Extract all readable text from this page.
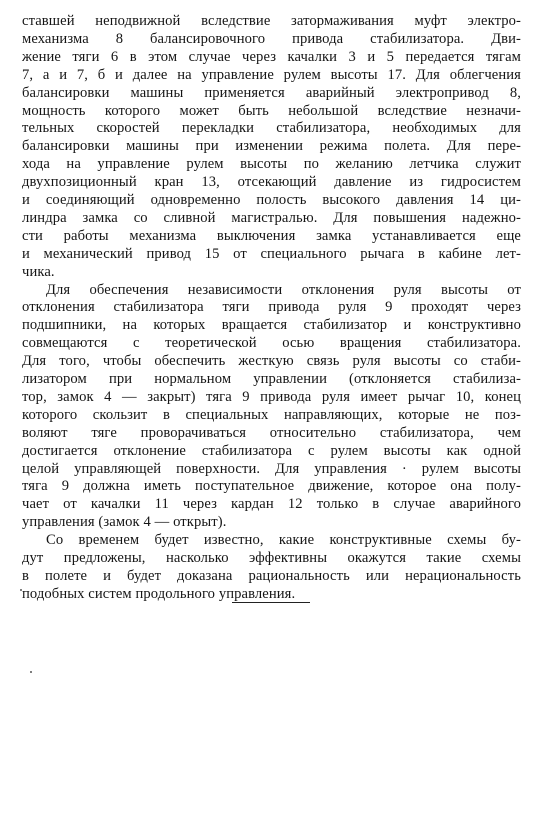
ставшей неподвижной вследствие затормаживания муфт электро-
механизма 8 балансировочного привода стабилизатора. Дви-
жение тяги 6 в этом случае через качалки 3 и 5 передается тягам
7, а и 7, б и далее на управление рулем высоты 17. Для облегчения
балансировки машины применяется аварийный электропривод 8,
мощность которого может быть небольшой вследствие незначи-
тельных скоростей перекладки стабилизатора, необходимых для
балансировки машины при изменении режима полета. Для пере-
хода на управление рулем высоты по желанию летчика служит
двухпозиционный кран 13, отсекающий давление из гидросистем
и соединяющий одновременно полость высокого давления 14 ци-
линдра замка со сливной магистралью. Для повышения надежно-
сти работы механизма выключения замка устанавливается еще
и механический привод 15 от специального рычага в кабине лет-
чика.
Для обеспечения независимости отклонения руля высоты от
отклонения стабилизатора тяги привода руля 9 проходят через
подшипники, на которых вращается стабилизатор и конструктивно
совмещаются с теоретической осью вращения стабилизатора.
Для того, чтобы обеспечить жесткую связь руля высоты со стаби-
лизатором при нормальном управлении (отклоняется стабилиза-
тор, замок 4 — закрыт) тяга 9 привода руля имеет рычаг 10, конец
которого скользит в специальных направляющих, которые не поз-
воляют тяге проворачиваться относительно стабилизатора, чем
достигается отклонение стабилизатора с рулем высоты как одной
целой управляющей поверхности. Для управления · рулем высоты
тяга 9 должна иметь поступательное движение, которое она полу-
чает от качалки 11 через кардан 12 только в случае аварийного
управления (замок 4 — открыт).
Со временем будет известно, какие конструктивные схемы бу-
дут предложены, насколько эффективны окажутся такие схемы
в полете и будет доказана рациональность или нерациональность
подобных систем продольного управления.
